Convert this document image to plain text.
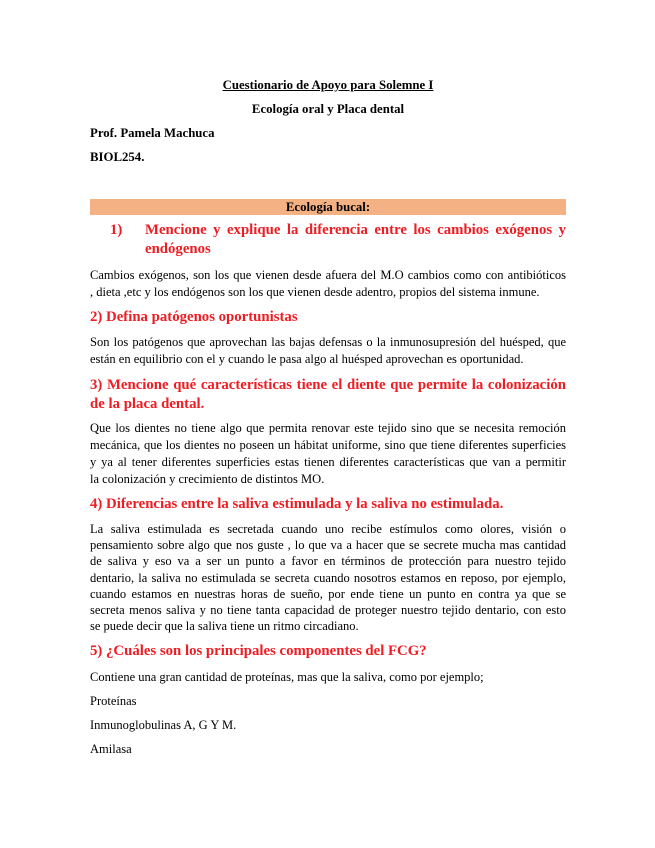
Cuestionario de Apoyo para Solemne I
Ecología oral y Placa dental
Prof. Pamela Machuca
BIOL254.
Ecología bucal:
1) Mencione y explique la diferencia entre los cambios exógenos y endógenos
Cambios exógenos, son los que vienen desde afuera del M.O cambios como con antibióticos
, dieta ,etc y los endógenos son los que vienen desde adentro, propios del sistema inmune.
2) Defina patógenos oportunistas
Son los patógenos que aprovechan las bajas defensas o la inmunosupresión del huésped, que
están en equilibrio con el y cuando le pasa algo al huésped aprovechan es oportunidad.
3) Mencione qué características tiene el diente que permite la colonización de la placa dental.
Que los dientes no tiene algo que permita renovar este tejido sino que se necesita remoción
mecánica, que los dientes no poseen un hábitat uniforme, sino que tiene diferentes superficies
y ya al tener diferentes superficies estas tienen diferentes características que van a permitir
la colonización y crecimiento de distintos MO.
4) Diferencias entre la saliva estimulada y la saliva no estimulada.
La saliva estimulada es secretada cuando uno recibe estímulos como olores, visión o
pensamiento sobre algo que nos guste , lo que va a hacer que se secrete mucha mas cantidad
de saliva y eso va a ser un punto a favor en términos de protección para nuestro tejido
dentario, la saliva no estimulada se secreta cuando nosotros estamos en reposo, por ejemplo,
cuando estamos en nuestras horas de sueño, por ende tiene un punto en contra ya que se
secreta menos saliva y no tiene tanta capacidad de proteger nuestro tejido dentario, con esto
se puede decir que la saliva tiene un ritmo circadiano.
5) ¿Cuáles son los principales componentes del FCG?
Contiene una gran cantidad de proteínas, mas que la saliva, como por ejemplo;
Proteínas
Inmunoglobulinas A, G Y M.
Amilasa
